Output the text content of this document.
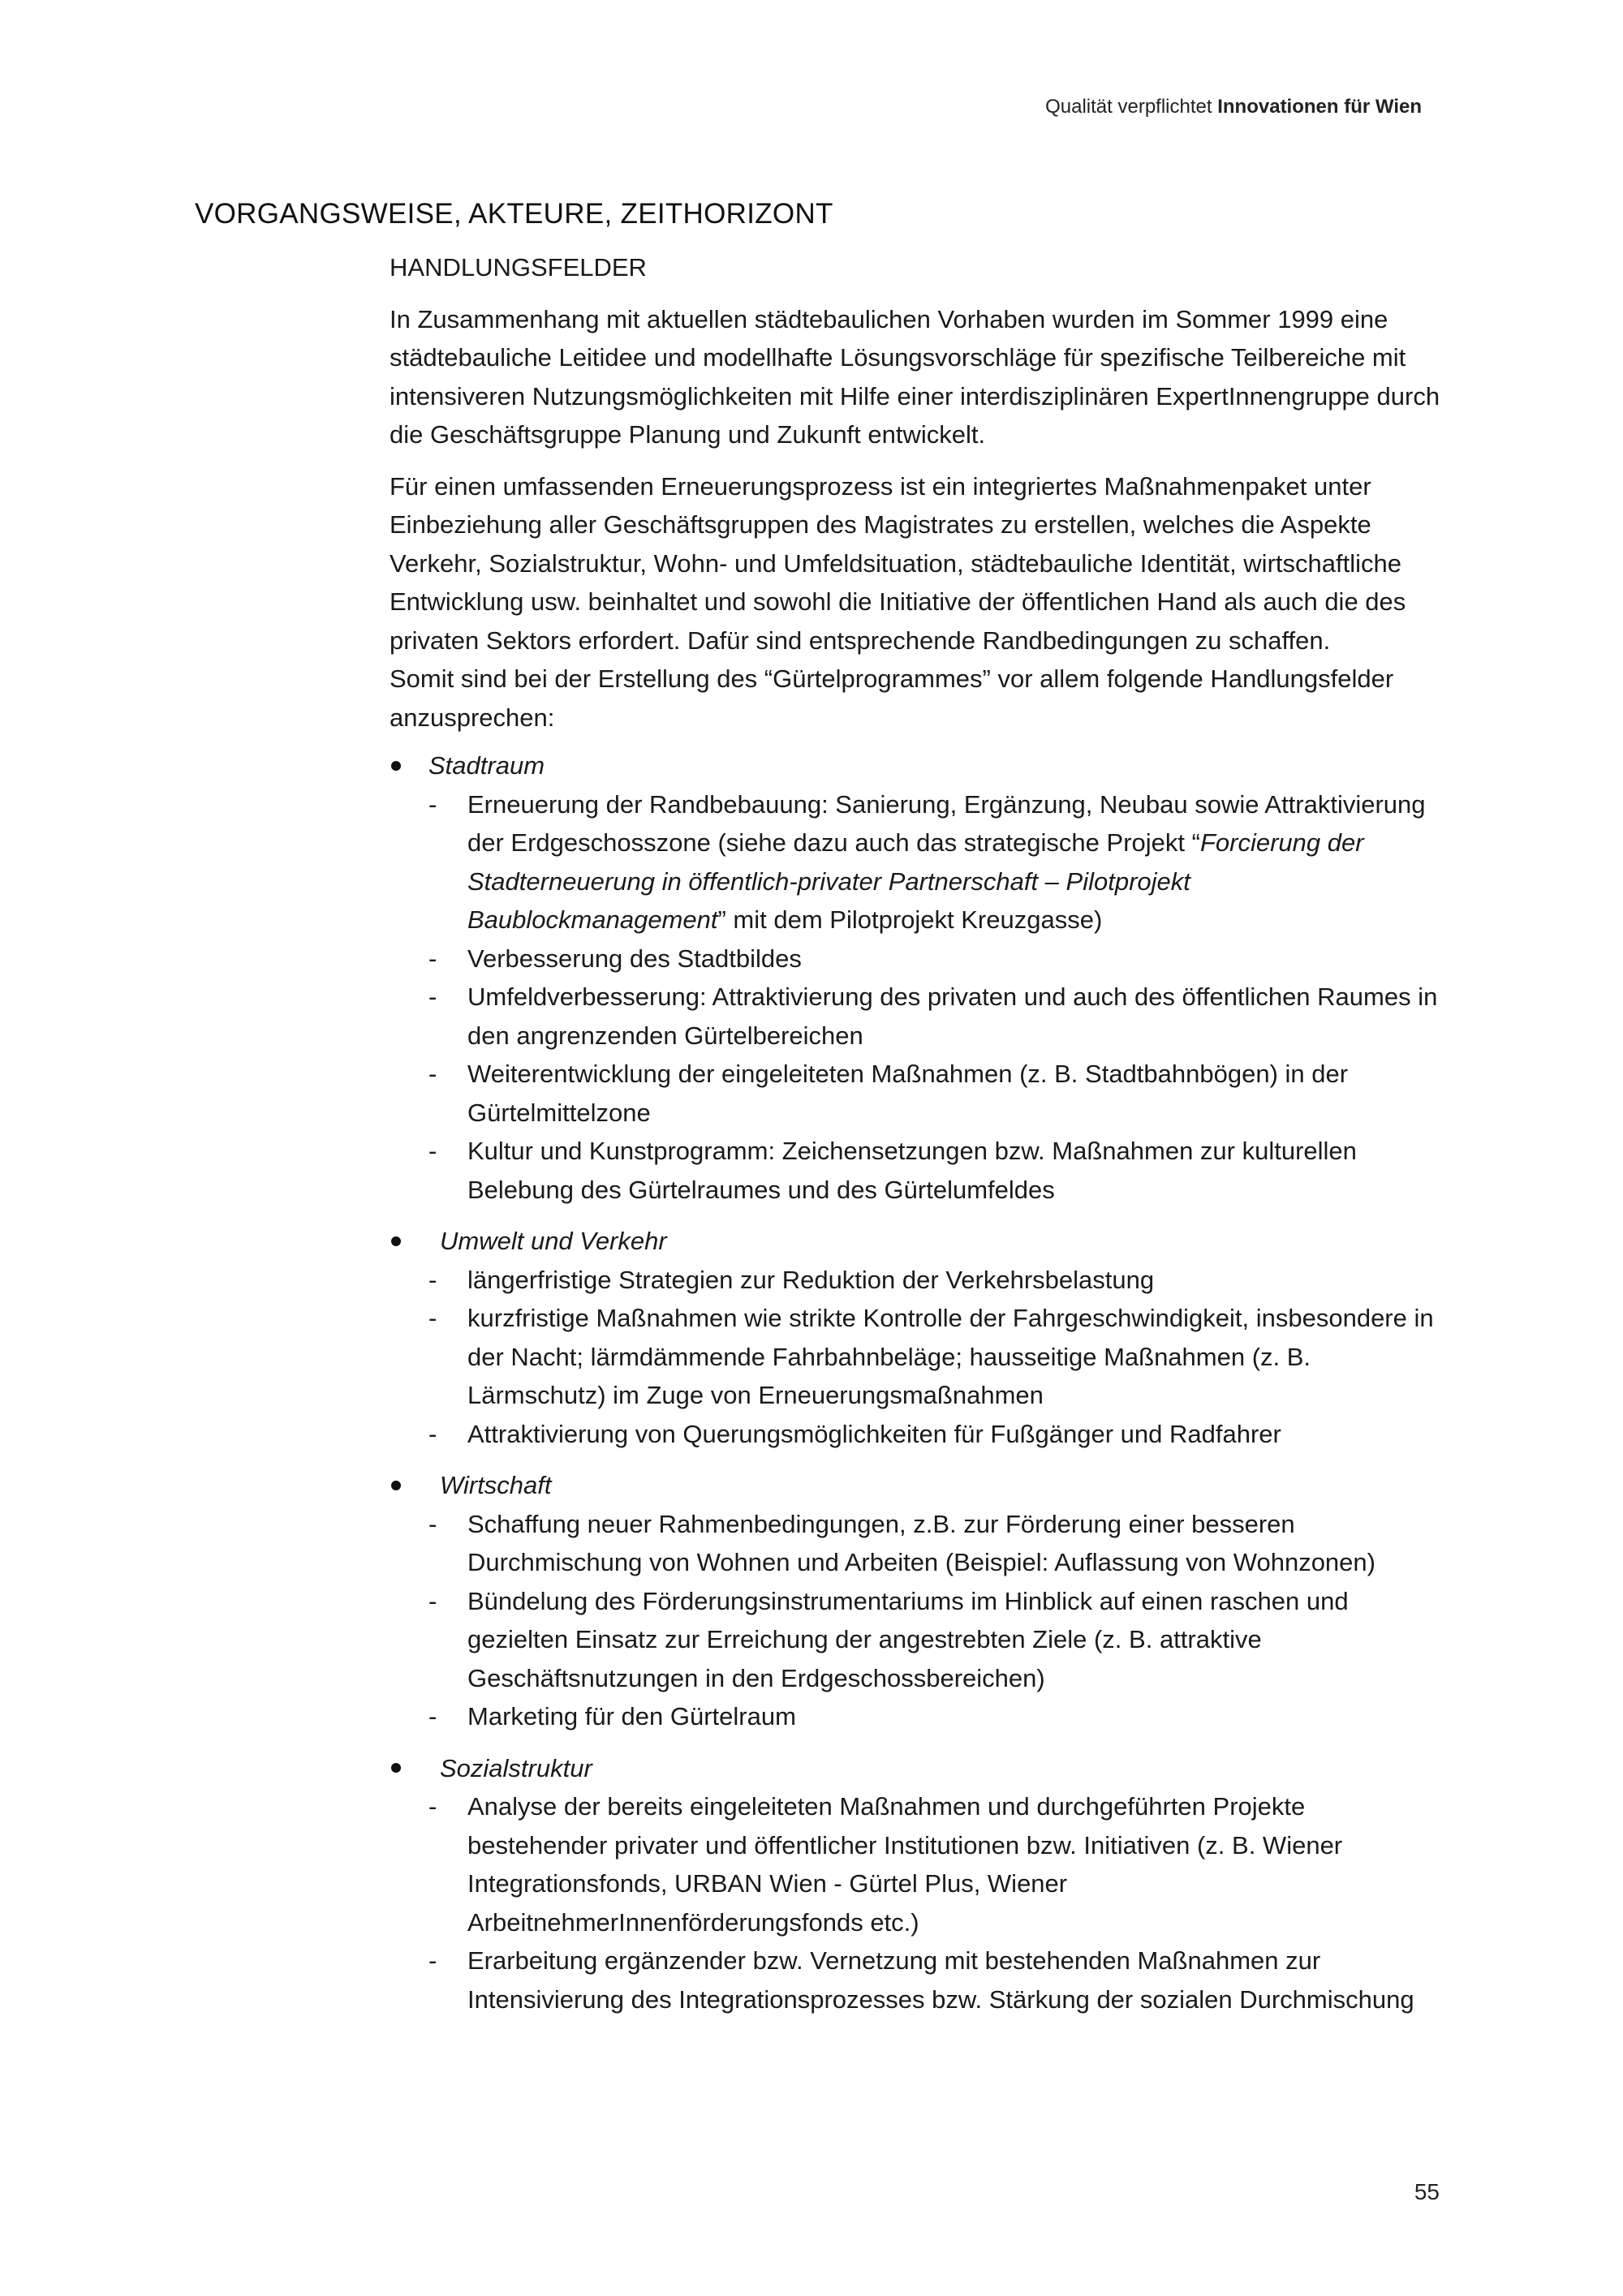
Qualität verpflichtet Innovationen für Wien
VORGANGSWEISE, AKTEURE, ZEITHORIZONT
HANDLUNGSFELDER

In Zusammenhang mit aktuellen städtebaulichen Vorhaben wurden im Sommer 1999 eine städtebauliche Leitidee und modellhafte Lösungsvorschläge für spezifische Teilbereiche mit intensiveren Nutzungsmöglichkeiten mit Hilfe einer interdisziplinären ExpertInnengruppe durch die Geschäftsgruppe Planung und Zukunft entwickelt.

Für einen umfassenden Erneuerungsprozess ist ein integriertes Maßnahmenpaket unter Einbeziehung aller Geschäftsgruppen des Magistrates zu erstellen, welches die Aspekte Verkehr, Sozialstruktur, Wohn- und Umfeldsituation, städtebauliche Identität, wirtschaftliche Entwicklung usw. beinhaltet und sowohl die Initiative der öffentlichen Hand als auch die des privaten Sektors erfordert. Dafür sind entsprechende Randbedingungen zu schaffen.

Somit sind bei der Erstellung des “Gürtelprogrammes” vor allem folgende Handlungsfelder anzusprechen:

Stadtraum
- Erneuerung der Randbebauung: Sanierung, Ergänzung, Neubau sowie Attraktivierung der Erdgeschosszone (siehe dazu auch das strategische Projekt “Forcierung der Stadterneuerung in öffentlich-privater Partnerschaft – Pilotprojekt Baublockmanagement” mit dem Pilotprojekt Kreuzgasse)
- Verbesserung des Stadtbildes
- Umfeldverbesserung: Attraktivierung des privaten und auch des öffentlichen Raumes in den angrenzenden Gürtelbereichen
- Weiterentwicklung der eingeleiteten Maßnahmen (z. B. Stadtbahnbögen) in der Gürtelmittelzone
- Kultur und Kunstprogramm: Zeichensetzungen bzw. Maßnahmen zur kulturellen Belebung des Gürtelraumes und des Gürtelumfeldes
Umwelt und Verkehr
- längerfristige Strategien zur Reduktion der Verkehrsbelastung
- kurzfristige Maßnahmen wie strikte Kontrolle der Fahrgeschwindigkeit, insbesondere in der Nacht; lärmdämmende Fahrbahnbeläge; hausseitige Maßnahmen (z. B. Lärmschutz) im Zuge von Erneuerungsmaßnahmen
- Attraktivierung von Querungsmöglichkeiten für Fußgänger und Radfahrer
Wirtschaft
- Schaffung neuer Rahmenbedingungen, z.B. zur Förderung einer besseren Durchmischung von Wohnen und Arbeiten (Beispiel: Auflassung von Wohnzonen)
- Bündelung des Förderungsinstrumentariums im Hinblick auf einen raschen und gezielten Einsatz zur Erreichung der angestrebten Ziele (z. B. attraktive Geschäftsnutzungen in den Erdgeschossbereichen)
- Marketing für den Gürtelraum
Sozialstruktur
- Analyse der bereits eingeleiteten Maßnahmen und durchgeführten Projekte bestehender privater und öffentlicher Institutionen bzw. Initiativen (z. B. Wiener Integrationsfonds, URBAN Wien - Gürtel Plus, Wiener ArbeitnehmerInnenförderungsfonds etc.)
- Erarbeitung ergänzender bzw. Vernetzung mit bestehenden Maßnahmen zur Intensivierung des Integrationsprozesses bzw. Stärkung der sozialen Durchmischung
55
